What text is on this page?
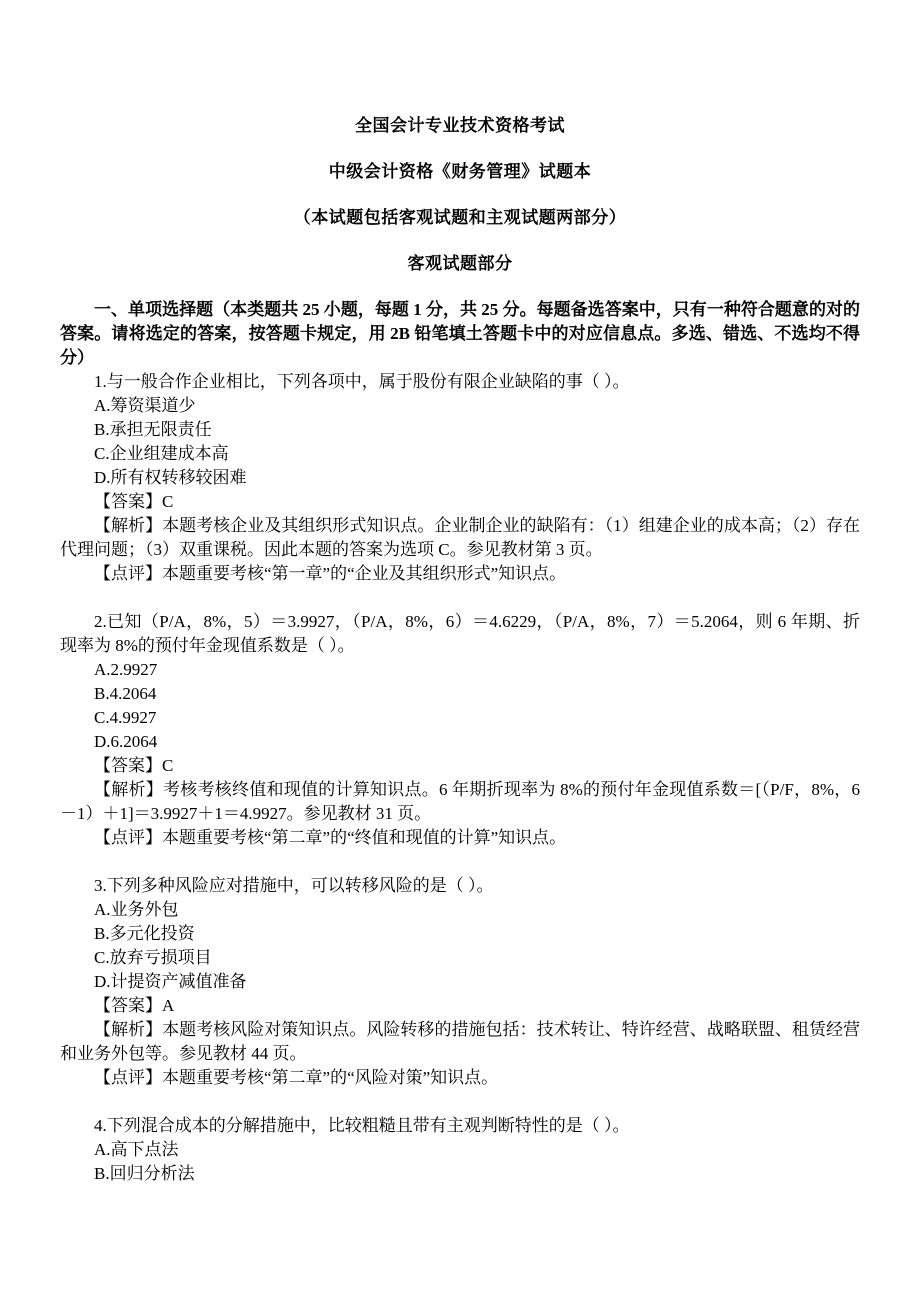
全国会计专业技术资格考试

中级会计资格《财务管理》试题本

（本试题包括客观试题和主观试题两部分）

客观试题部分

一、单项选择题（本类题共 25 小题，每题 1 分，共 25 分。每题备选答案中，只有一种符合题意的对的答案。请将选定的答案，按答题卡规定，用 2B 铅笔填土答题卡中的对应信息点。多选、错选、不选均不得分）

1.与一般合作企业相比，下列各项中，属于股份有限企业缺陷的事（ ）。

A.筹资渠道少

B.承担无限责任

C.企业组建成本高

D.所有权转移较困难

【答案】C

【解析】本题考核企业及其组织形式知识点。企业制企业的缺陷有：（1）组建企业的成本高；（2）存在代理问题；（3）双重课税。因此本题的答案为选项 C。参见教材第 3 页。

【点评】本题重要考核“第一章”的“企业及其组织形式”知识点。

2.已知（P/A，8%，5）＝3.9927，（P/A，8%，6）＝4.6229，（P/A，8%，7）＝5.2064，则 6 年期、折现率为 8%的预付年金现值系数是（ ）。

A.2.9927

B.4.2064

C.4.9927

D.6.2064

【答案】C

【解析】考核考核终值和现值的计算知识点。6 年期折现率为 8%的预付年金现值系数＝[（P/F，8%，6－1）＋1]＝3.9927＋1＝4.9927。参见教材 31 页。

【点评】本题重要考核“第二章”的“终值和现值的计算”知识点。

3.下列多种风险应对措施中，可以转移风险的是（ ）。

A.业务外包

B.多元化投资

C.放弃亏损项目

D.计提资产减值准备

【答案】A

【解析】本题考核风险对策知识点。风险转移的措施包括：技术转让、特许经营、战略联盟、租赁经营和业务外包等。参见教材 44 页。

【点评】本题重要考核“第二章”的“风险对策”知识点。

4.下列混合成本的分解措施中，比较粗糙且带有主观判断特性的是（ ）。

A.高下点法

B.回归分析法
